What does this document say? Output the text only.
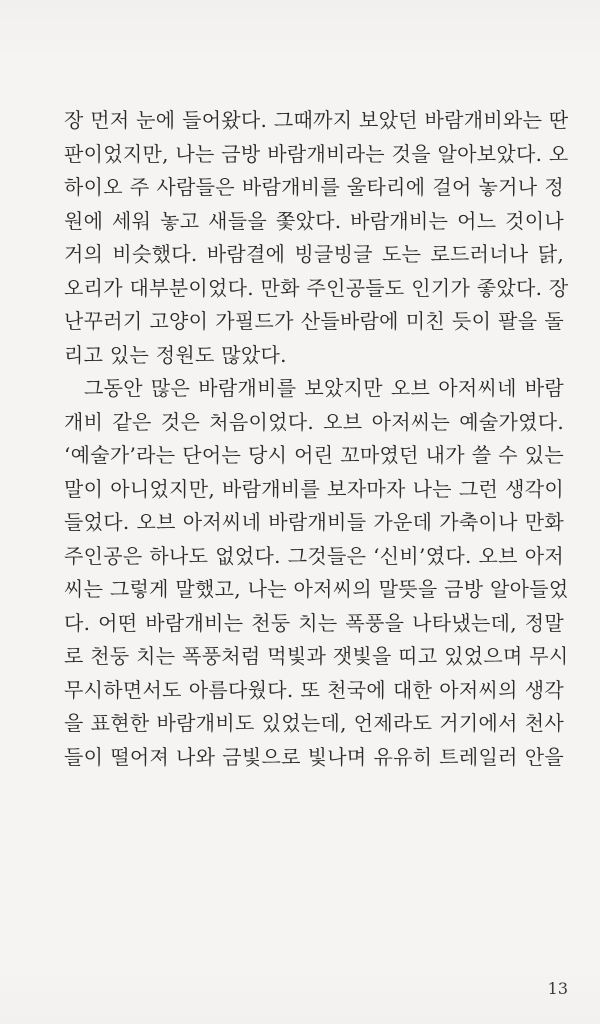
장 먼저 눈에 들어왔다. 그때까지 보았던 바람개비와는 딴
판이었지만, 나는 금방 바람개비라는 것을 알아보았다. 오
하이오 주 사람들은 바람개비를 울타리에 걸어 놓거나 정
원에 세워 놓고 새들을 쫓았다. 바람개비는 어느 것이나
거의 비슷했다. 바람결에 빙글빙글 도는 로드러너나 닭,
오리가 대부분이었다. 만화 주인공들도 인기가 좋았다. 장
난꾸러기 고양이 가필드가 산들바람에 미친 듯이 팔을 돌
리고 있는 정원도 많았다.
그동안 많은 바람개비를 보았지만 오브 아저씨네 바람
개비 같은 것은 처음이었다. 오브 아저씨는 예술가였다.
‘예술가’라는 단어는 당시 어린 꼬마였던 내가 쓸 수 있는
말이 아니었지만, 바람개비를 보자마자 나는 그런 생각이
들었다. 오브 아저씨네 바람개비들 가운데 가축이나 만화
주인공은 하나도 없었다. 그것들은 ‘신비’였다. 오브 아저
씨는 그렇게 말했고, 나는 아저씨의 말뜻을 금방 알아들었
다. 어떤 바람개비는 천둥 치는 폭풍을 나타냈는데, 정말
로 천둥 치는 폭풍처럼 먹빛과 잿빛을 띠고 있었으며 무시
무시하면서도 아름다웠다. 또 천국에 대한 아저씨의 생각
을 표현한 바람개비도 있었는데, 언제라도 거기에서 천사
들이 떨어져 나와 금빛으로 빛나며 유유히 트레일러 안을
13
